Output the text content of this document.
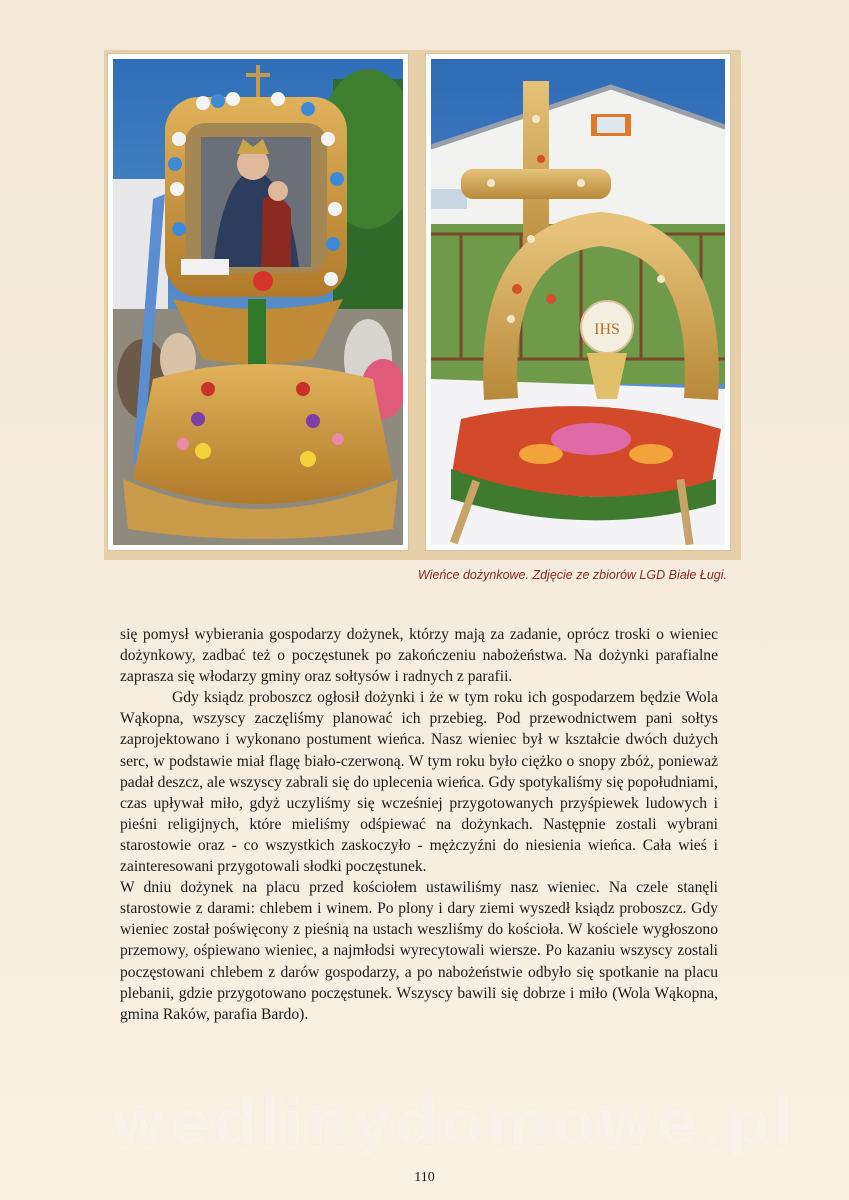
IHS
Wieńce dożynkowe. Zdjęcie ze zbiorów LGD Białe Ługi.

się pomysł wybierania gospodarzy dożynek, którzy mają za zadanie, oprócz troski o wieniec dożynkowy, zadbać też o poczęstunek po zakończeniu nabożeństwa. Na dożynki parafialne zaprasza się włodarzy gminy oraz sołtysów i radnych z parafii.

Gdy ksiądz proboszcz ogłosił dożynki i że w tym roku ich gospodarzem będzie Wola Wąkopna, wszyscy zaczęliśmy planować ich przebieg. Pod przewodnictwem pani sołtys zaprojektowano i wykonano postument wieńca. Nasz wieniec był w kształcie dwóch dużych serc, w podstawie miał flagę biało-czerwoną. W tym roku było ciężko o snopy zbóż, ponieważ padał deszcz, ale wszyscy zabrali się do uplecenia wieńca. Gdy spotykaliśmy się popołudniami, czas upływał miło, gdyż uczyliśmy się wcześniej przygotowanych przyśpiewek ludowych i pieśni religijnych, które mieliśmy odśpiewać na dożynkach. Następnie zostali wybrani starostowie oraz - co wszystkich zaskoczyło - mężczyźni do niesienia wieńca. Cała wieś i zainteresowani przygotowali słodki poczęstunek.

W dniu dożynek na placu przed kościołem ustawiliśmy nasz wieniec. Na czele stanęli starostowie z darami: chlebem i winem. Po plony i dary ziemi wyszedł ksiądz proboszcz. Gdy wieniec został poświęcony z pieśnią na ustach weszliśmy do kościoła. W kościele wygłoszono przemowy, ośpiewano wieniec, a najmłodsi wyrecytowali wiersze. Po kazaniu wszyscy zostali poczęstowani chlebem z darów gospodarzy, a po nabożeństwie odbyło się spotkanie na placu plebanii, gdzie przygotowano poczęstunek. Wszyscy bawili się dobrze i miło (Wola Wąkopna, gmina Raków, parafia Bardo).

wedlinydomowe.pl
110
